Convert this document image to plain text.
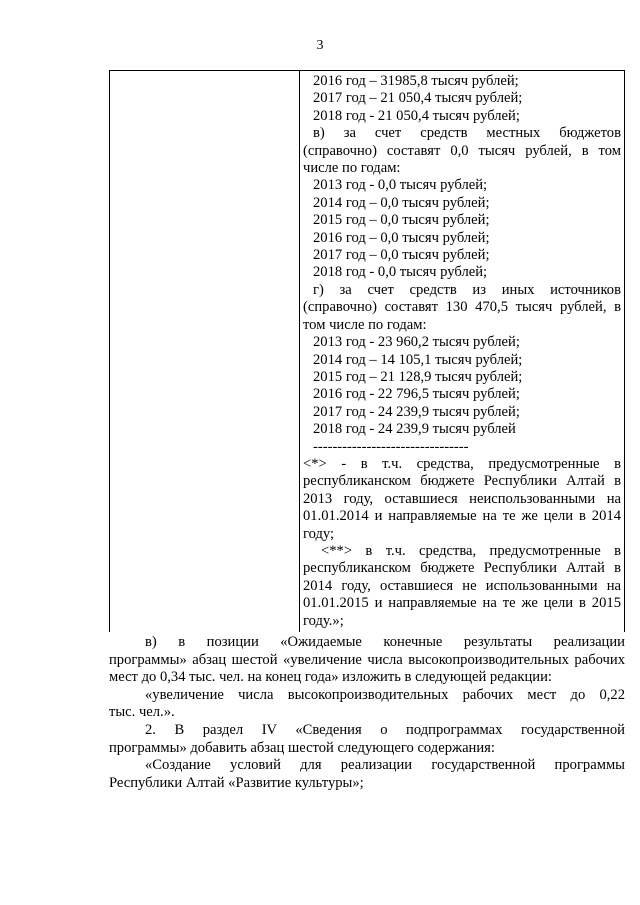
3
2016 год – 31985,8 тысяч рублей;
2017 год – 21 050,4 тысяч рублей;
2018 год - 21 050,4 тысяч рублей;
в) за счет средств местных бюджетов
(справочно) составят 0,0 тысяч рублей, в том
числе по годам:
2013 год - 0,0 тысяч рублей;
2014 год – 0,0 тысяч рублей;
2015 год – 0,0 тысяч рублей;
2016 год – 0,0 тысяч рублей;
2017 год – 0,0 тысяч рублей;
2018 год - 0,0 тысяч рублей;
г) за счет средств из иных источников
(справочно) составят 130 470,5 тысяч рублей, в
том числе по годам:
2013 год - 23 960,2 тысяч рублей;
2014 год – 14 105,1 тысяч рублей;
2015 год – 21 128,9 тысяч рублей;
2016 год - 22 796,5 тысяч рублей;
2017 год - 24 239,9 тысяч рублей;
2018 год - 24 239,9 тысяч рублей
--------------------------------
<*> - в т.ч. средства, предусмотренные в
республиканском бюджете Республики Алтай в
2013 году, оставшиеся неиспользованными на
01.01.2014 и направляемые на те же цели в 2014
году;
<**> в т.ч. средства, предусмотренные в
республиканском бюджете Республики Алтай в
2014 году, оставшиеся не использованными на
01.01.2015 и направляемые на те же цели в 2015
году.»;
в) в позиции «Ожидаемые конечные результаты реализации
программы» абзац шестой «увеличение числа высокопроизводительных рабочих мест до 0,34 тыс. чел. на конец года» изложить в следующей редакции:
«увеличение числа высокопроизводительных рабочих мест до 0,22
тыс. чел.».
2. В раздел IV «Сведения о подпрограммах государственной
программы» добавить абзац шестой следующего содержания:
«Создание условий для реализации государственной программы
Республики Алтай «Развитие культуры»;
